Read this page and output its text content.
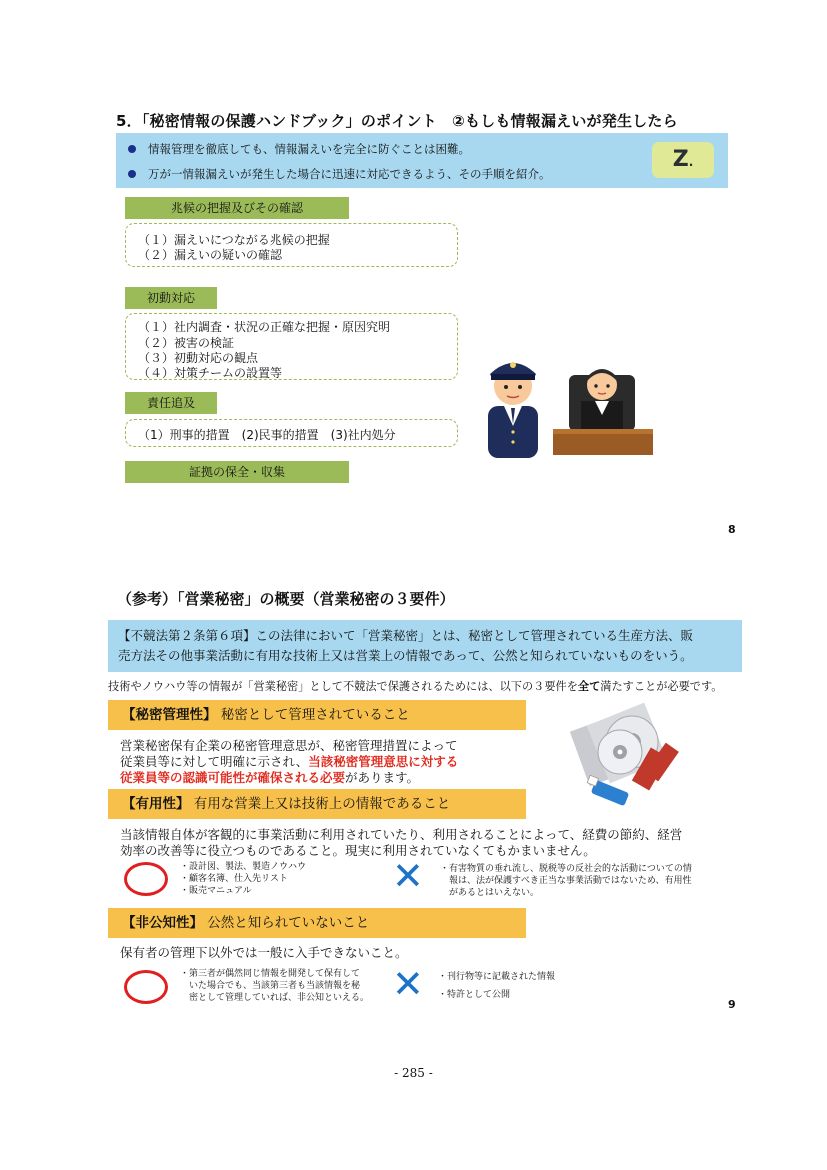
5．「秘密情報の保護ハンドブック」のポイント　②もしも情報漏えいが発生したら
情報管理を徹底しても、情報漏えいを完全に防ぐことは困難。
万が一情報漏えいが発生した場合に迅速に対応できるよう、その手順を紹介。
Z.
兆候の把握及びその確認
（１）漏えいにつながる兆候の把握
（２）漏えいの疑いの確認
初動対応
（１）社内調査・状況の正確な把握・原因究明
（２）被害の検証
（３）初動対応の観点
（４）対策チームの設置等
責任追及
（1）刑事的措置　(2)民事的措置　(3)社内処分
証拠の保全・収集
8
（参考）「営業秘密」の概要（営業秘密の３要件）
【不競法第２条第６項】この法律において「営業秘密」とは、秘密として管理されている生産方法、販
売方法その他事業活動に有用な技術上又は営業上の情報であって、公然と知られていないものをいう。
技術やノウハウ等の情報が「営業秘密」として不競法で保護されるためには、以下の３要件を全て満たすことが必要です。
【秘密管理性】 秘密として管理されていること
営業秘密保有企業の秘密管理意思が、秘密管理措置によって
従業員等に対して明確に示され、当該秘密管理意思に対する
従業員等の認識可能性が確保される必要があります。
【有用性】 有用な営業上又は技術上の情報であること
当該情報自体が客観的に事業活動に利用されていたり、利用されることによって、経費の節約、経営
効率の改善等に役立つものであること。現実に利用されていなくてもかまいません。
・設計図、製法、製造ノウハウ
・顧客名簿、仕入先リスト
・販売マニュアル	✕ ・有害物質の垂れ流し、脱税等の反社会的な活動についての情
　報は、法が保護すべき正当な事業活動ではないため、有用性
　があるとはいえない。
【非公知性】 公然と知られていないこと
保有者の管理下以外では一般に入手できないこと。
・第三者が偶然同じ情報を開発して保有して
　いた場合でも、当該第三者も当該情報を秘
　密として管理していれば、非公知といえる。 ✕ ・刊行物等に記載された情報
・特許として公開
9
- 285 -
